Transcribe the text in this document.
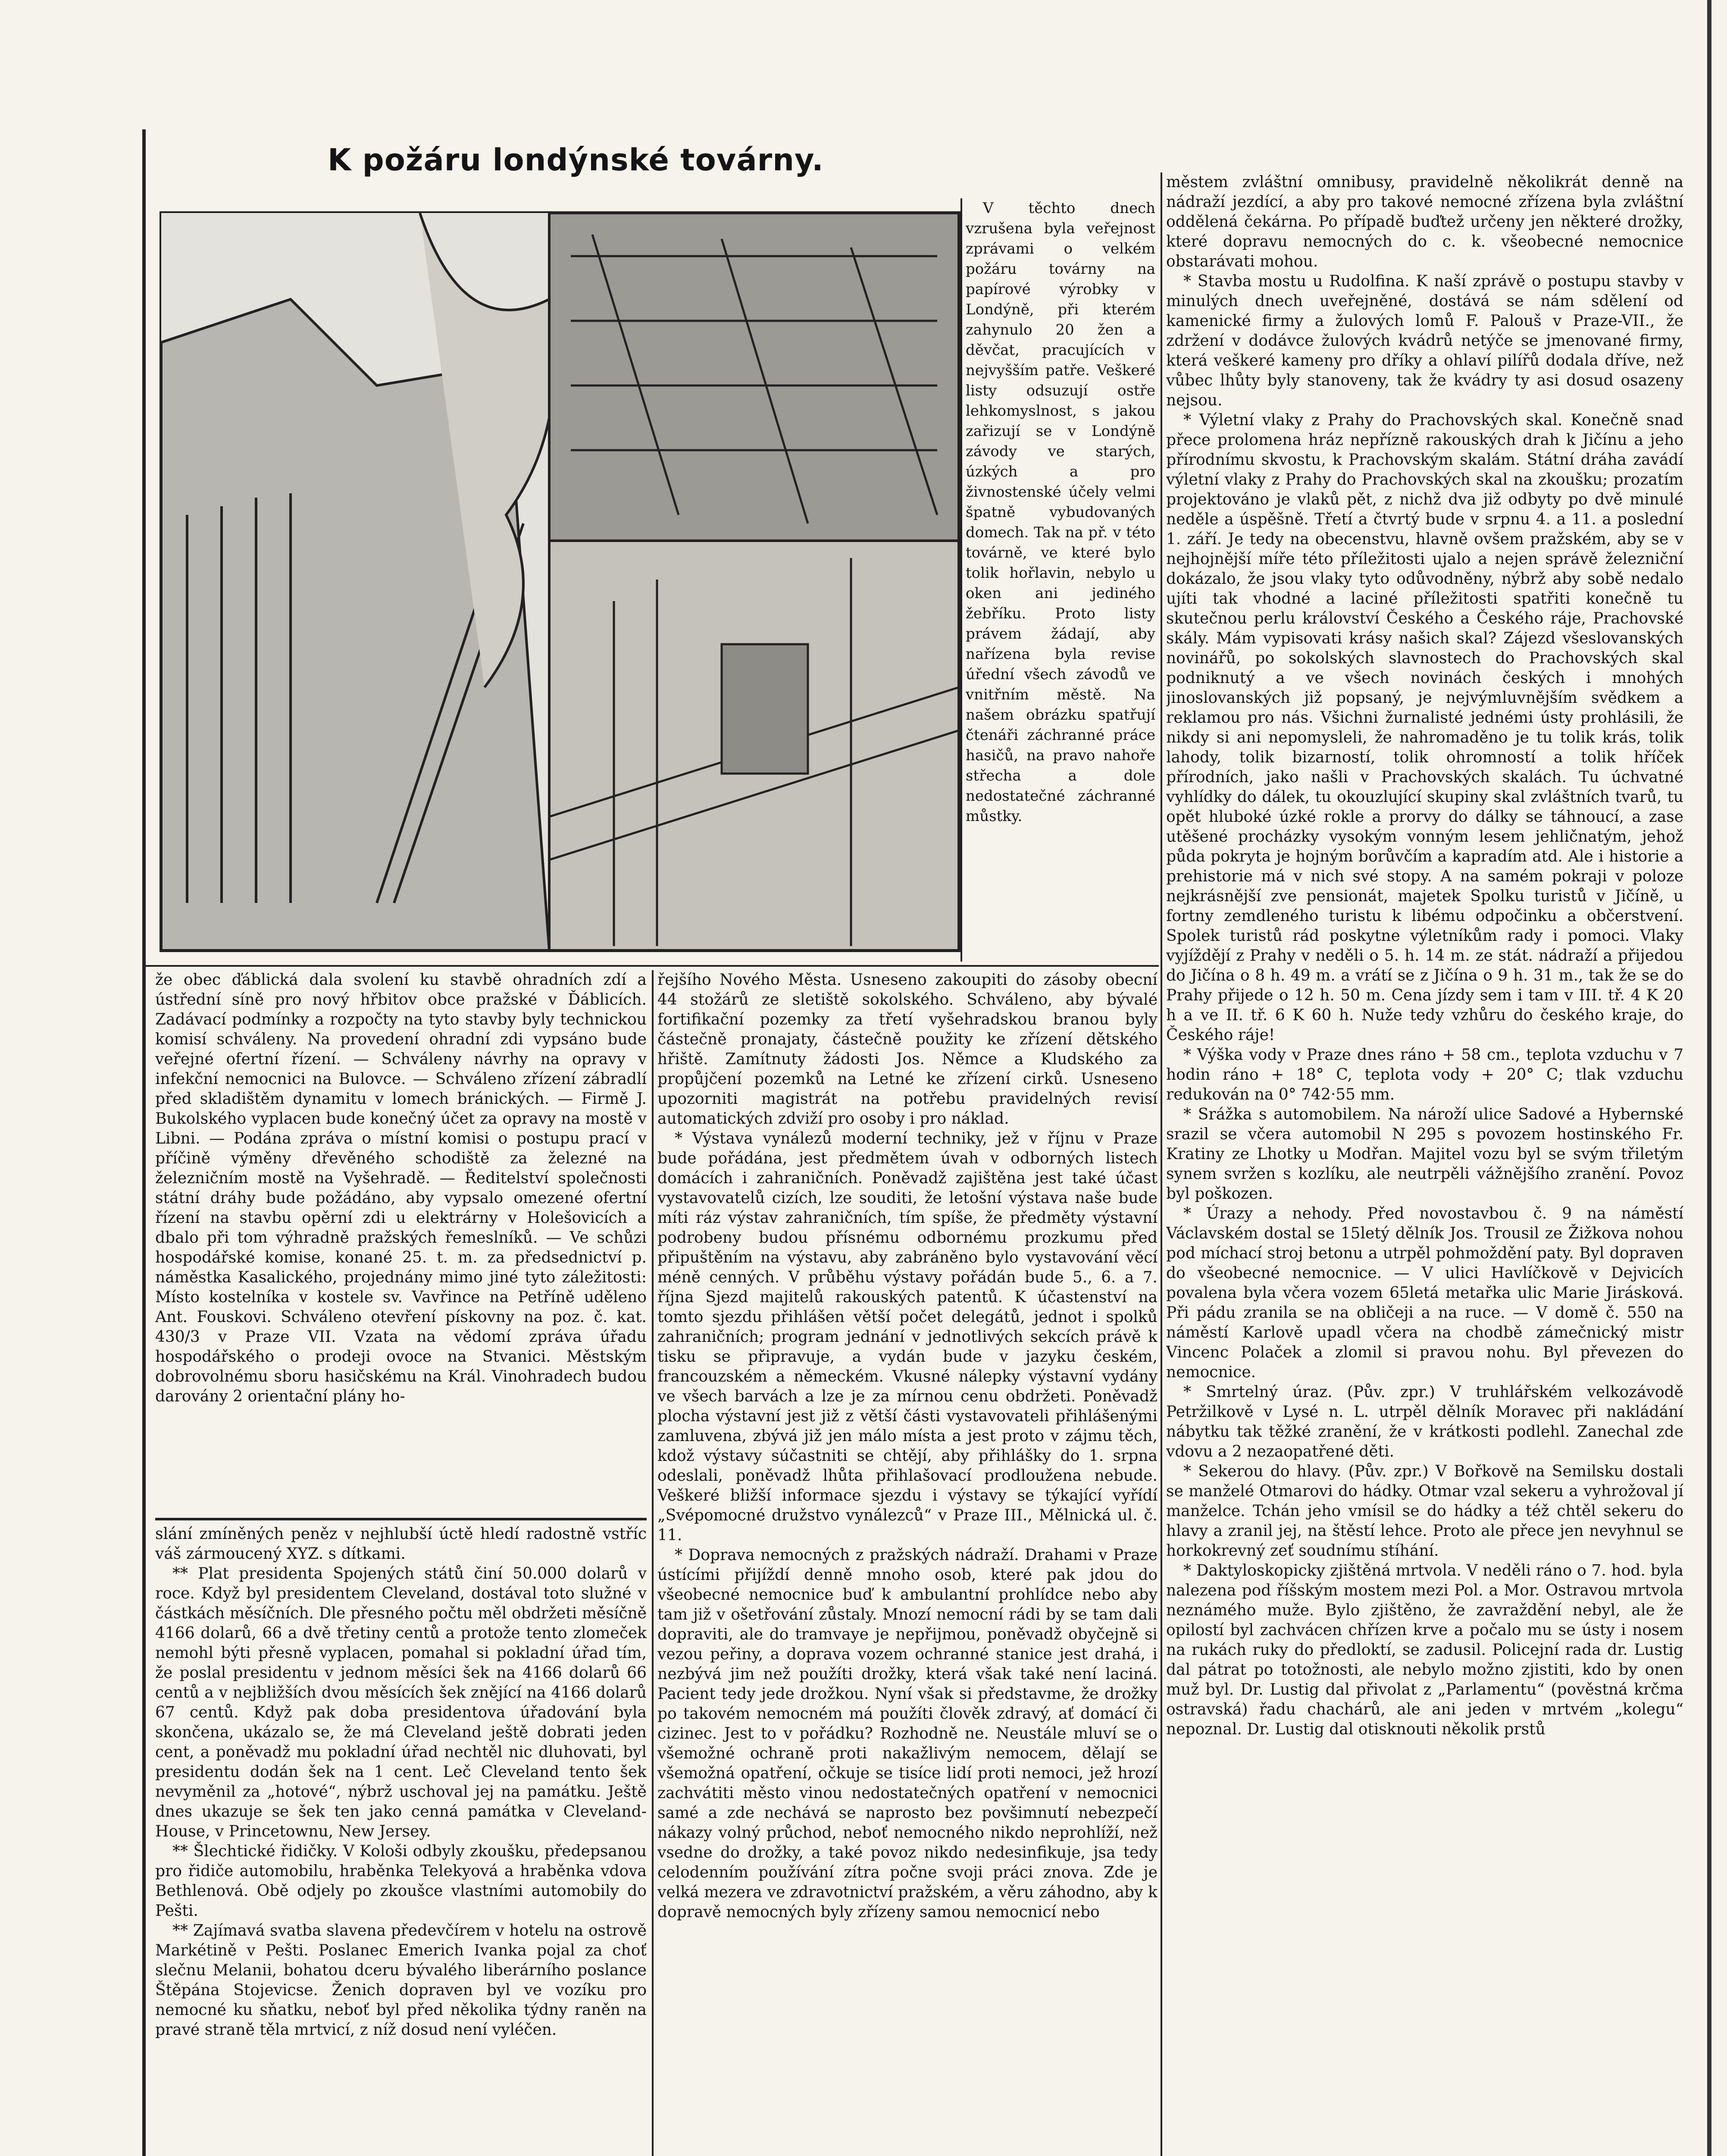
K požáru londýnské továrny.

V těchto dnech vzrušena byla veřejnost zprávami o velkém požáru továrny na papírové výrobky v Londýně, při kterém zahynulo 20 žen a děvčat, pracujících v nejvyšším patře. Veškeré listy odsuzují ostře lehkomyslnost, s jakou zařizují se v Londýně závody ve starých, úzkých a pro živnostenské účely velmi špatně vybudovaných domech. Tak na př. v této továrně, ve které bylo tolik hořlavin, nebylo u oken ani jediného žebříku. Proto listy právem žádají, aby nařízena byla revise úřední všech závodů ve vnitřním městě. Na našem obrázku spatřují čtenáři záchranné práce hasičů, na pravo nahoře střecha a dole nedostatečné záchranné můstky.

že obec ďáblická dala svolení ku stavbě ohradních zdí a ústřední síně pro nový hřbitov obce pražské v Ďáblicích. Zadávací podmínky a rozpočty na tyto stavby byly technickou komisí schváleny. Na provedení ohradní zdi vypsáno bude veřejné ofertní řízení. — Schváleny návrhy na opravy v infekční nemocnici na Bulovce. — Schváleno zřízení zábradlí před skladištěm dynamitu v lomech bránických. — Firmě J. Bukolského vyplacen bude konečný účet za opravy na mostě v Libni. — Podána zpráva o místní komisi o postupu prací v příčině výměny dřevěného schodiště za železné na železničním mostě na Vyšehradě. — Ředitelství společnosti státní dráhy bude požádáno, aby vypsalo omezené ofertní řízení na stavbu opěrní zdi u elektrárny v Holešovicích a dbalo při tom výhradně pražských řemeslníků. — Ve schůzi hospodářské komise, konané 25. t. m. za předsednictví p. náměstka Kasalického, projednány mimo jiné tyto záležitosti: Místo kostelníka v kostele sv. Vavřince na Petříně uděleno Ant. Fouskovi. Schváleno otevření pískovny na poz. č. kat. 430/3 v Praze VII. Vzata na vědomí zpráva úřadu hospodářského o prodeji ovoce na Stvanici. Městským dobrovolnému sboru hasičskému na Král. Vinohradech budou darovány 2 orientační plány ho-

slání zmíněných peněz v nejhlubší úctě hledí radostně vstříc váš zármoucený XYZ. s dítkami.

** Plat presidenta Spojených států činí 50.000 dolarů v roce. Když byl presidentem Cleveland, dostával toto služné v částkách měsíčních. Dle přesného počtu měl obdržeti měsíčně 4166 dolarů, 66 a dvě třetiny centů a protože tento zlomeček nemohl býti přesně vyplacen, pomahal si pokladní úřad tím, že poslal presidentu v jednom měsíci šek na 4166 dolarů 66 centů a v nejbližších dvou měsících šek znějící na 4166 dolarů 67 centů. Když pak doba presidentova úřadování byla skončena, ukázalo se, že má Cleveland ještě dobrati jeden cent, a poněvadž mu pokladní úřad nechtěl nic dluhovati, byl presidentu dodán šek na 1 cent. Leč Cleveland tento šek nevyměnil za „hotové“, nýbrž uschoval jej na památku. Ještě dnes ukazuje se šek ten jako cenná památka v Cleveland-House, v Princetownu, New Jersey.

** Šlechtické řidičky. V Kološi odbyly zkoušku, předepsanou pro řidiče automobilu, hraběnka Telekyová a hraběnka vdova Bethlenová. Obě odjely po zkoušce vlastními automobily do Pešti.

** Zajímavá svatba slavena předevčírem v hotelu na ostrově Markétině v Pešti. Poslanec Emerich Ivanka pojal za choť slečnu Melanii, bohatou dceru bývalého liberárního poslance Štěpána Stojevicse. Ženich dopraven byl ve vozíku pro nemocné ku sňatku, neboť byl před několika týdny raněn na pravé straně těla mrtvicí, z níž dosud není vyléčen.

řejšího Nového Města. Usneseno zakoupiti do zásoby obecní 44 stožárů ze sletiště sokolského. Schváleno, aby bývalé fortifikační pozemky za třetí vyšehradskou branou byly částečně pronajaty, částečně použity ke zřízení dětského hřiště. Zamítnuty žádosti Jos. Němce a Kludského za propůjčení pozemků na Letné ke zřízení cirků. Usneseno upozorniti magistrát na potřebu pravidelných revisí automatických zdviží pro osoby i pro náklad.

* Výstava vynálezů moderní techniky, jež v říjnu v Praze bude pořádána, jest předmětem úvah v odborných listech domácích i zahraničních. Poněvadž zajištěna jest také účast vystavovatelů cizích, lze souditi, že letošní výstava naše bude míti ráz výstav zahraničních, tím spíše, že předměty výstavní podrobeny budou přísnému odbornému prozkumu před připuštěním na výstavu, aby zabráněno bylo vystavování věcí méně cenných. V průběhu výstavy pořádán bude 5., 6. a 7. října Sjezd majitelů rakouských patentů. K účastenství na tomto sjezdu přihlášen větší počet delegátů, jednot i spolků zahraničních; program jednání v jednotlivých sekcích právě k tisku se připravuje, a vydán bude v jazyku českém, francouzském a německém. Vkusné nálepky výstavní vydány ve všech barvách a lze je za mírnou cenu obdržeti. Poněvadž plocha výstavní jest již z větší části vystavovateli přihlášenými zamluvena, zbývá již jen málo místa a jest proto v zájmu těch, kdož výstavy súčastniti se chtějí, aby přihlášky do 1. srpna odeslali, poněvadž lhůta přihlašovací prodloužena nebude. Veškeré bližší informace sjezdu i výstavy se týkající vyřídí „Svépomocné družstvo vynálezců“ v Praze III., Mělnická ul. č. 11.

* Doprava nemocných z pražských nádraží. Drahami v Praze ústícími přijíždí denně mnoho osob, které pak jdou do všeobecné nemocnice buď k ambulantní prohlídce nebo aby tam již v ošetřování zůstaly. Mnozí nemocní rádi by se tam dali dopraviti, ale do tramvaye je nepřijmou, poněvadž obyčejně si vezou peřiny, a doprava vozem ochranné stanice jest drahá, i nezbývá jim než použíti drožky, která však také není laciná. Pacient tedy jede drožkou. Nyní však si představme, že drožky po takovém nemocném má použíti člověk zdravý, ať domácí či cizinec. Jest to v pořádku? Rozhodně ne. Neustále mluví se o všemožné ochraně proti nakažlivým nemocem, dělají se všemožná opatření, očkuje se tisíce lidí proti nemoci, jež hrozí zachvátiti město vinou nedostatečných opatření v nemocnici samé a zde nechává se naprosto bez povšimnutí nebezpečí nákazy volný průchod, neboť nemocného nikdo neprohlíží, než vsedne do drožky, a také povoz nikdo nedesinfikuje, jsa tedy celodenním používání zítra počne svoji práci znova. Zde je velká mezera ve zdravotnictví pražském, a věru záhodno, aby k dopravě nemocných byly zřízeny samou nemocnicí nebo

městem zvláštní omnibusy, pravidelně několikrát denně na nádraží jezdící, a aby pro takové nemocné zřízena byla zvláštní oddělená čekárna. Po případě buďtež určeny jen některé drožky, které dopravu nemocných do c. k. všeobecné nemocnice obstarávati mohou.

* Stavba mostu u Rudolfina. K naší zprávě o postupu stavby v minulých dnech uveřejněné, dostává se nám sdělení od kamenické firmy a žulových lomů F. Palouš v Praze-VII., že zdržení v dodávce žulových kvádrů netýče se jmenované firmy, která veškeré kameny pro dříky a ohlaví pilířů dodala dříve, než vůbec lhůty byly stanoveny, tak že kvádry ty asi dosud osazeny nejsou.

* Výletní vlaky z Prahy do Prachovských skal. Konečně snad přece prolomena hráz nepřízně rakouských drah k Jičínu a jeho přírodnímu skvostu, k Prachovským skalám. Státní dráha zavádí výletní vlaky z Prahy do Prachovských skal na zkoušku; prozatím projektováno je vlaků pět, z nichž dva již odbyty po dvě minulé neděle a úspěšně. Třetí a čtvrtý bude v srpnu 4. a 11. a poslední 1. září. Je tedy na obecenstvu, hlavně ovšem pražském, aby se v nejhojnější míře této příležitosti ujalo a nejen správě železniční dokázalo, že jsou vlaky tyto odůvodněny, nýbrž aby sobě nedalo ujíti tak vhodné a laciné příležitosti spatřiti konečně tu skutečnou perlu království Českého a Českého ráje, Prachovské skály. Mám vypisovati krásy našich skal? Zájezd všeslovanských novinářů, po sokolských slavnostech do Prachovských skal podniknutý a ve všech novinách českých i mnohých jinoslovanských již popsaný, je nejvýmluvnějším svědkem a reklamou pro nás. Všichni žurnalisté jednémi ústy prohlásili, že nikdy si ani nepomysleli, že nahromaděno je tu tolik krás, tolik lahody, tolik bizarností, tolik ohromností a tolik hříček přírodních, jako našli v Prachovských skalách. Tu úchvatné vyhlídky do dálek, tu okouzlující skupiny skal zvláštních tvarů, tu opět hluboké úzké rokle a prorvy do dálky se táhnoucí, a zase utěšené procházky vysokým vonným lesem jehličnatým, jehož půda pokryta je hojným borůvčím a kapradím atd. Ale i historie a prehistorie má v nich své stopy. A na samém pokraji v poloze nejkrásnější zve pensionát, majetek Spolku turistů v Jičíně, u fortny zemdleného turistu k libému odpočinku a občerstvení. Spolek turistů rád poskytne výletníkům rady i pomoci. Vlaky vyjíždějí z Prahy v neděli o 5. h. 14 m. ze stát. nádraží a přijedou do Jičína o 8 h. 49 m. a vrátí se z Jičína o 9 h. 31 m., tak že se do Prahy přijede o 12 h. 50 m. Cena jízdy sem i tam v III. tř. 4 K 20 h a ve II. tř. 6 K 60 h. Nuže tedy vzhůru do českého kraje, do Českého ráje!

* Výška vody v Praze dnes ráno + 58 cm., teplota vzduchu v 7 hodin ráno + 18° C, teplota vody + 20° C; tlak vzduchu redukován na 0° 742·55 mm.

* Srážka s automobilem. Na nároží ulice Sadové a Hybernské srazil se včera automobil N 295 s povozem hostinského Fr. Kratiny ze Lhotky u Modřan. Majitel vozu byl se svým třiletým synem svržen s kozlíku, ale neutrpěli vážnějšího zranění. Povoz byl poškozen.

* Úrazy a nehody. Před novostavbou č. 9 na náměstí Václavském dostal se 15letý dělník Jos. Trousil ze Žižkova nohou pod míchací stroj betonu a utrpěl pohmoždění paty. Byl dopraven do všeobecné nemocnice. — V ulici Havlíčkově v Dejvicích povalena byla včera vozem 65letá metařka ulic Marie Jirásková. Při pádu zranila se na obličeji a na ruce. — V domě č. 550 na náměstí Karlově upadl včera na chodbě zámečnický mistr Vincenc Polaček a zlomil si pravou nohu. Byl převezen do nemocnice.

* Smrtelný úraz. (Pův. zpr.) V truhlářském velkozávodě Petržilkově v Lysé n. L. utrpěl dělník Moravec při nakládání nábytku tak těžké zranění, že v krátkosti podlehl. Zanechal zde vdovu a 2 nezaopatřené děti.

* Sekerou do hlavy. (Pův. zpr.) V Bořkově na Semilsku dostali se manželé Otmarovi do hádky. Otmar vzal sekeru a vyhrožoval jí manželce. Tchán jeho vmísil se do hádky a též chtěl sekeru do hlavy a zranil jej, na štěstí lehce. Proto ale přece jen nevyhnul se horkokrevný zeť soudnímu stíhání.

* Daktyloskopicky zjištěná mrtvola. V neděli ráno o 7. hod. byla nalezena pod říšským mostem mezi Pol. a Mor. Ostravou mrtvola neznámého muže. Bylo zjištěno, že zavraždění nebyl, ale že opilostí byl zachvácen chřízen krve a počalo mu se ústy i nosem na rukách ruky do předloktí, se zadusil. Policejní rada dr. Lustig dal pátrat po totožnosti, ale nebylo možno zjistiti, kdo by onen muž byl. Dr. Lustig dal přivolat z „Parlamentu“ (pověstná krčma ostravská) řadu chachárů, ale ani jeden v mrtvém „kolegu“ nepoznal. Dr. Lustig dal otisknouti několik prstů
